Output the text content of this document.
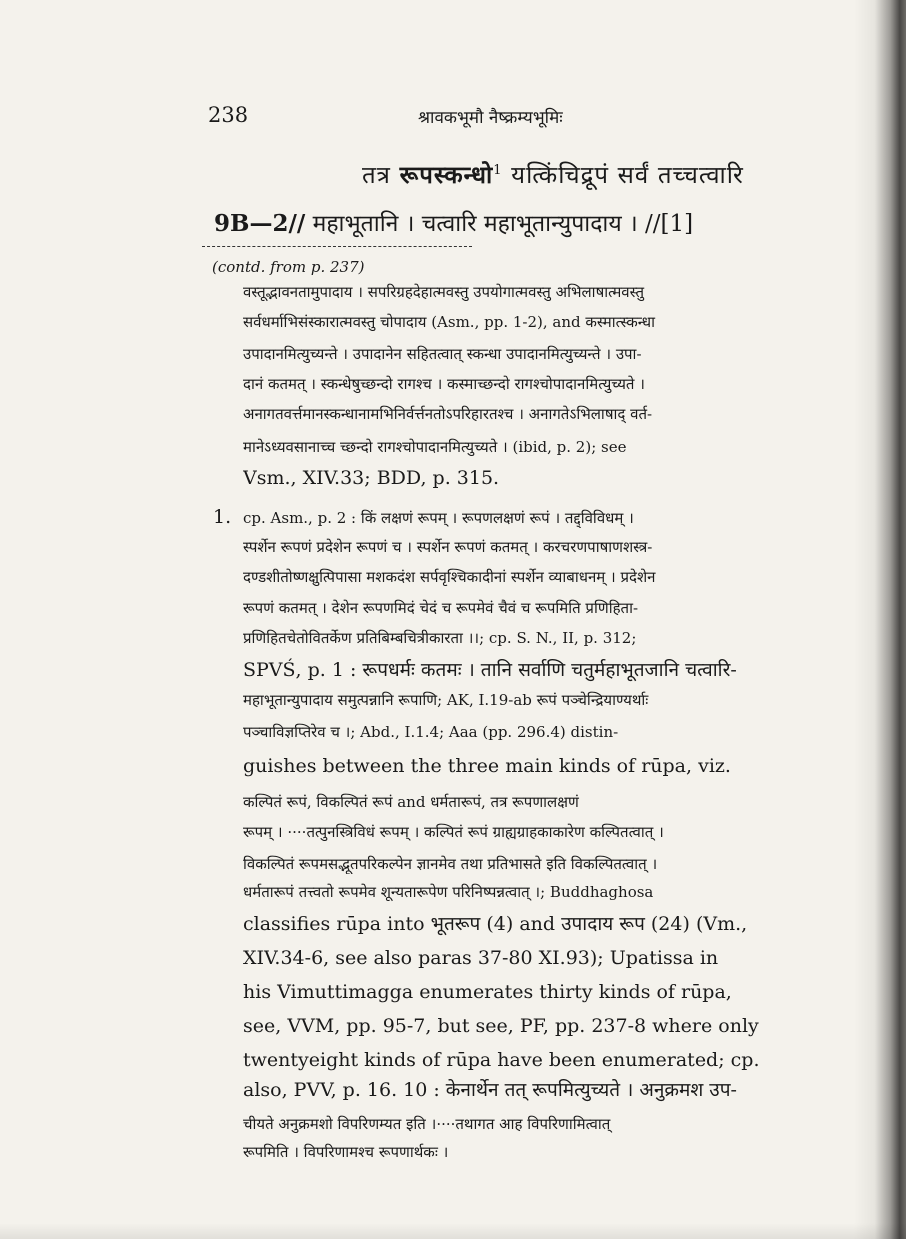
238	श्रावकभूमौ नैष्क्रम्यभूमिः
तत्र रूपस्कन्धो$^1$ यत्किंचिद्रूपं सर्वं तच्चत्वारि
9B—2// महाभूतानि । चत्वारि महाभूतान्युपादाय । //[1]
(contd. from p. 237)
1.
वस्तूद्भावनतामुपादाय । सपरिग्रहदेहात्मवस्तु उपयोगात्मवस्तु अभिलाषात्मवस्तु
सर्वधर्माभिसंस्कारात्मवस्तु चोपादाय (Asm., pp. 1-2), and कस्मात्स्कन्धा
उपादानमित्युच्यन्ते । उपादानेन सहितत्वात् स्कन्धा उपादानमित्युच्यन्ते । उपा-
दानं कतमत् । स्कन्धेषुच्छन्दो रागश्च । कस्माच्छन्दो रागश्चोपादानमित्युच्यते ।
अनागतवर्त्तमानस्कन्धानामभिनिर्वर्त्तनतोऽपरिहारतश्च । अनागतेऽभिलाषाद् वर्त-
मानेऽध्यवसानाच्च च्छन्दो रागश्चोपादानमित्युच्यते । (ibid, p. 2); see
Vsm., XIV.33; BDD, p. 315.
cp. Asm., p. 2 : किं लक्षणं रूपम् । रूपणलक्षणं रूपं । तद्द्विविधम् ।
स्पर्शेन रूपणं प्रदेशेन रूपणं च । स्पर्शेन रूपणं कतमत् । करचरणपाषाणशस्त्र-
दण्डशीतोष्णक्षुत्पिपासा मशकदंश सर्पवृश्चिकादीनां स्पर्शेन व्याबाधनम् । प्रदेशेन
रूपणं कतमत् । देशेन रूपणमिदं चेदं च रूपमेवं चैवं च रूपमिति प्रणिहिता-
प्रणिहितचेतोवितर्केण प्रतिबिम्बचित्रीकारता ।।; cp. S. N., II, p. 312;
SPVŚ, p. 1 : रूपधर्मः कतमः । तानि सर्वाणि चतुर्महाभूतजानि चत्वारि-
महाभूतान्युपादाय समुत्पन्नानि रूपाणि; AK, I.19-ab रूपं पञ्चेन्द्रियाण्यर्थाः
पञ्चाविज्ञप्तिरेव च ।; Abd., I.1.4; Aaa (pp. 296.4) distin-
guishes between the three main kinds of rūpa, viz.
कल्पितं रूपं, विकल्पितं रूपं and धर्मतारूपं, तत्र रूपणालक्षणं
रूपम् । ····तत्पुनस्त्रिविधं रूपम् । कल्पितं रूपं ग्राह्यग्राहकाकारेण कल्पितत्वात् ।
विकल्पितं रूपमसद्भूतपरिकल्पेन ज्ञानमेव तथा प्रतिभासते इति विकल्पितत्वात् ।
धर्मतारूपं तत्त्वतो रूपमेव शून्यतारूपेण परिनिष्पन्नत्वात् ।; Buddhaghosa
classifies rūpa into भूतरूप (4) and उपादाय रूप (24) (Vm.,
XIV.34-6, see also paras 37-80 XI.93); Upatissa in
his Vimuttimagga enumerates thirty kinds of rūpa,
see, VVM, pp. 95-7, but see, PF, pp. 237-8 where only
twentyeight kinds of rūpa have been enumerated; cp.
also, PVV, p. 16. 10 : केनार्थेन तत् रूपमित्युच्यते । अनुक्रमश उप-
चीयते अनुक्रमशो विपरिणम्यत इति ।····तथागत आह विपरिणामित्वात्
रूपमिति । विपरिणामश्च रूपणार्थकः ।
